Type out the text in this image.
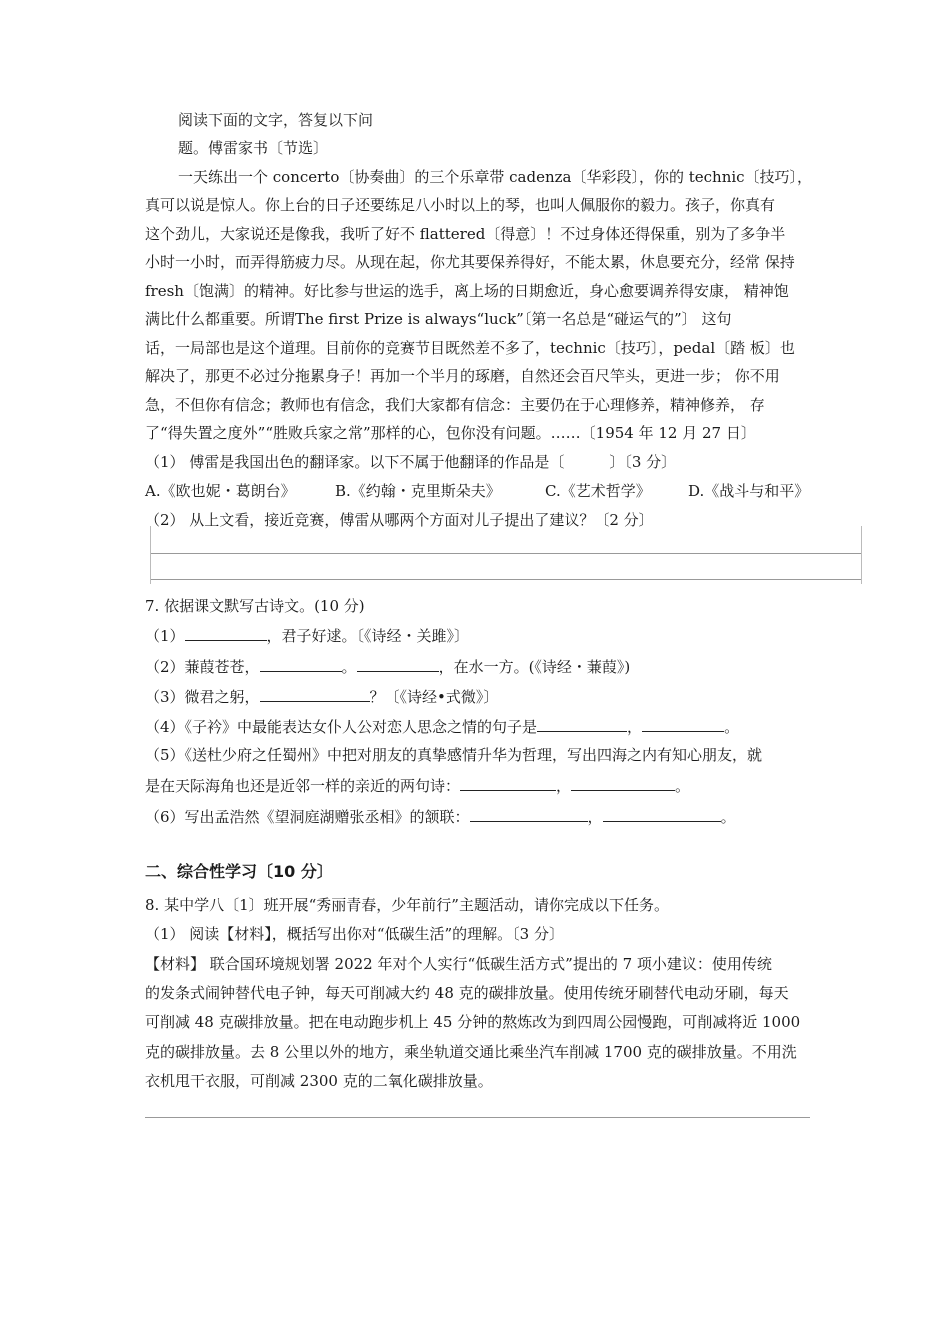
阅读下面的文字，答复以下问
题。傅雷家书〔节选〕
一天练出一个 concerto〔协奏曲〕的三个乐章带 cadenza〔华彩段〕，你的 technic〔技巧〕，
真可以说是惊人。你上台的日子还要练足八小时以上的琴，也叫人佩服你的毅力。孩子，你真有
这个劲儿，大家说还是像我，我听了好不 flattered〔得意〕！不过身体还得保重，别为了多争半
小时一小时，而弄得筋疲力尽。从现在起，你尤其要保养得好，不能太累，休息要充分，经常 保持
fresh〔饱满〕的精神。好比参与世运的选手，离上场的日期愈近，身心愈要调养得安康， 精神饱
满比什么都重要。所谓The first Prize is always“luck”〔第一名总是“碰运气的”〕 这句
话，一局部也是这个道理。目前你的竞赛节目既然差不多了，technic〔技巧〕，pedal〔踏 板〕也
解决了，那更不必过分拖累身子！再加一个半月的琢磨，自然还会百尺竿头，更进一步； 你不用
急，不但你有信念；教师也有信念，我们大家都有信念：主要仍在于心理修养，精神修养， 存
了“得失置之度外”“胜败兵家之常”那样的心，包你没有问题。……〔1954 年 12 月 27 日〕
（1） 傅雷是我国出色的翻译家。以下不属于他翻译的作品是〔　　　〕〔3 分〕
A.《欧也妮・葛朗台》	B.《约翰・克里斯朵夫》	C.《艺术哲学》 D.《战斗与和平》
（2） 从上文看，接近竞赛，傅雷从哪两个方面对儿子提出了建议？〔2 分〕
7. 依据课文默写古诗文。(10 分)
（1）	，君子好逑。〔《诗经・关雎》〕
（2）蒹葭苍苍，	。	，在水一方。(《诗经・蒹葭》)
（3）微君之躬，	？〔《诗经•式微》〕
（4）《子衿》中最能表达女仆人公对恋人思念之情的句子是	，	。
（5）《送杜少府之任蜀州》中把对朋友的真挚感情升华为哲理，写出四海之内有知心朋友，就
是在天际海角也还是近邻一样的亲近的两句诗：	，	。
（6）写出孟浩然《望洞庭湖赠张丞相》的颔联：	，	。
二、综合性学习〔10 分〕
8. 某中学八〔1〕班开展“秀丽青春，少年前行”主题活动，请你完成以下任务。
（1） 阅读【材料】，概括写出你对“低碳生活”的理解。〔3 分〕
【材料】 联合国环境规划署 2022 年对个人实行“低碳生活方式”提出的 7 项小建议：使用传统
的发条式闹钟替代电子钟，每天可削减大约 48 克的碳排放量。使用传统牙刷替代电动牙刷，每天
可削减 48 克碳排放量。把在电动跑步机上 45 分钟的熬炼改为到四周公园慢跑，可削减将近 1000
克的碳排放量。去 8 公里以外的地方，乘坐轨道交通比乘坐汽车削减 1700 克的碳排放量。不用洗
衣机甩干衣服，可削减 2300 克的二氧化碳排放量。
